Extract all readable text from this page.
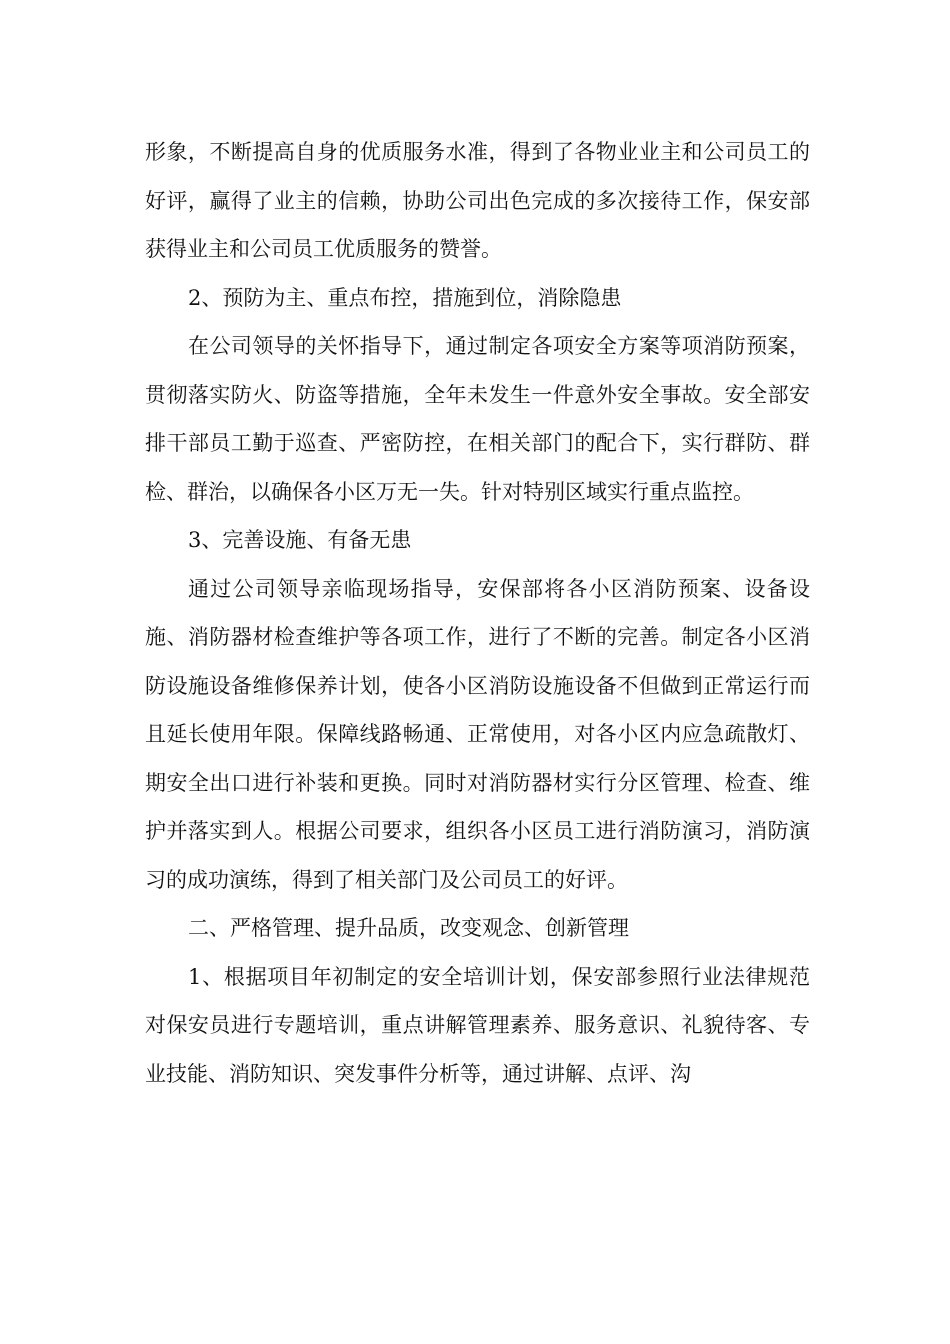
形象，不断提高自身的优质服务水准，得到了各物业业主和公司员工的好评，赢得了业主的信赖，协助公司出色完成的多次接待工作，保安部获得业主和公司员工优质服务的赞誉。

2、预防为主、重点布控，措施到位，消除隐患

在公司领导的关怀指导下，通过制定各项安全方案等项消防预案，贯彻落实防火、防盗等措施，全年未发生一件意外安全事故。安全部安排干部员工勤于巡查、严密防控，在相关部门的配合下，实行群防、群检、群治，以确保各小区万无一失。针对特别区域实行重点监控。

3、完善设施、有备无患

通过公司领导亲临现场指导，安保部将各小区消防预案、设备设施、消防器材检查维护等各项工作，进行了不断的完善。制定各小区消防设施设备维修保养计划，使各小区消防设施设备不但做到正常运行而且延长使用年限。保障线路畅通、正常使用，对各小区内应急疏散灯、期安全出口进行补装和更换。同时对消防器材实行分区管理、检查、维护并落实到人。根据公司要求，组织各小区员工进行消防演习，消防演习的成功演练，得到了相关部门及公司员工的好评。

二、严格管理、提升品质，改变观念、创新管理

1、根据项目年初制定的安全培训计划，保安部参照行业法律规范对保安员进行专题培训，重点讲解管理素养、服务意识、礼貌待客、专业技能、消防知识、突发事件分析等，通过讲解、点评、沟
